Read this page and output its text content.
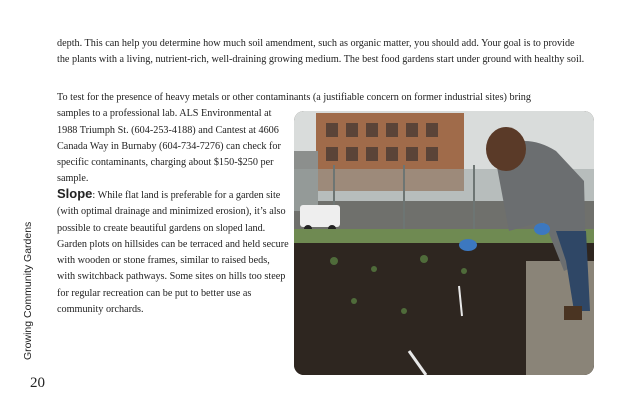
Growing Community Gardens
20

depth. This can help you determine how much soil amendment, such as organic matter, you should add. Your goal is to provide the plants with a living, nutrient-rich, well-draining growing medium. The best food gardens start under ground with healthy soil.

To test for the presence of heavy metals or other contaminants (a justifiable concern on former industrial sites) bring
samples to a professional lab. ALS Environmental at 1988 Triumph St. (604-253-4188) and Cantest at 4606 Canada Way in Burnaby (604-734-7276) can check for specific contaminants, charging about $150-$250 per sample.

Slope: While flat land is preferable for a garden site (with optimal drainage and minimized erosion), it’s also possible to create beautiful gardens on sloped land. Garden plots on hillsides can be terraced and held secure with wooden or stone frames, similar to raised beds, with switchback pathways. Some sites on hills too steep for regular recreation can be put to better use as community orchards.
